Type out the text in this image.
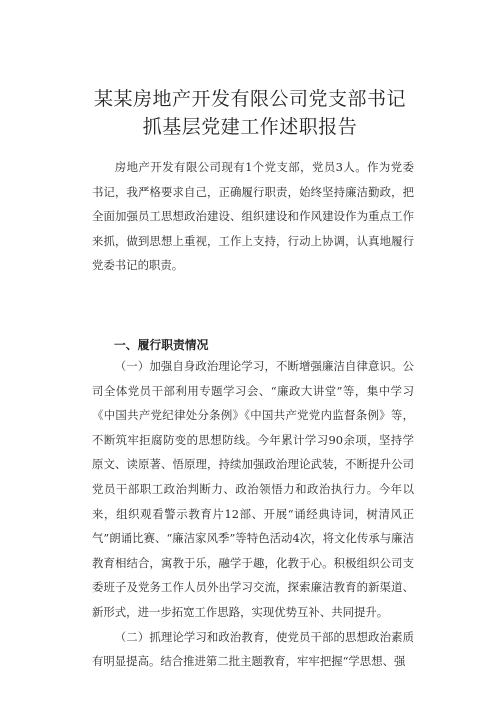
某某房地产开发有限公司党支部书记
抓基层党建工作述职报告

房地产开发有限公司现有1个党支部，党员3人。作为党委书记，我严格要求自己，正确履行职责，始终坚持廉洁勤政，把全面加强员工思想政治建设、组织建设和作风建设作为重点工作来抓，做到思想上重视，工作上支持，行动上协调，认真地履行党委书记的职责。

一、履行职责情况

（一）加强自身政治理论学习，不断增强廉洁自律意识。公司全体党员干部利用专题学习会、“廉政大讲堂”等，集中学习《中国共产党纪律处分条例》《中国共产党党内监督条例》等，不断筑牢拒腐防变的思想防线。今年累计学习90余项，坚持学原文、读原著、悟原理，持续加强政治理论武装，不断提升公司党员干部职工政治判断力、政治领悟力和政治执行力。今年以来，组织观看警示教育片12部、开展“诵经典诗词，树清风正气”朗诵比赛、“廉洁家风季”等特色活动4次，将文化传承与廉洁教育相结合，寓教于乐，融学于趣，化教于心。积极组织公司支委班子及党务工作人员外出学习交流，探索廉洁教育的新渠道、新形式，进一步拓宽工作思路，实现优势互补、共同提升。

（二）抓理论学习和政治教育，使党员干部的思想政治素质有明显提高。结合推进第二批主题教育，牢牢把握“学思想、强
